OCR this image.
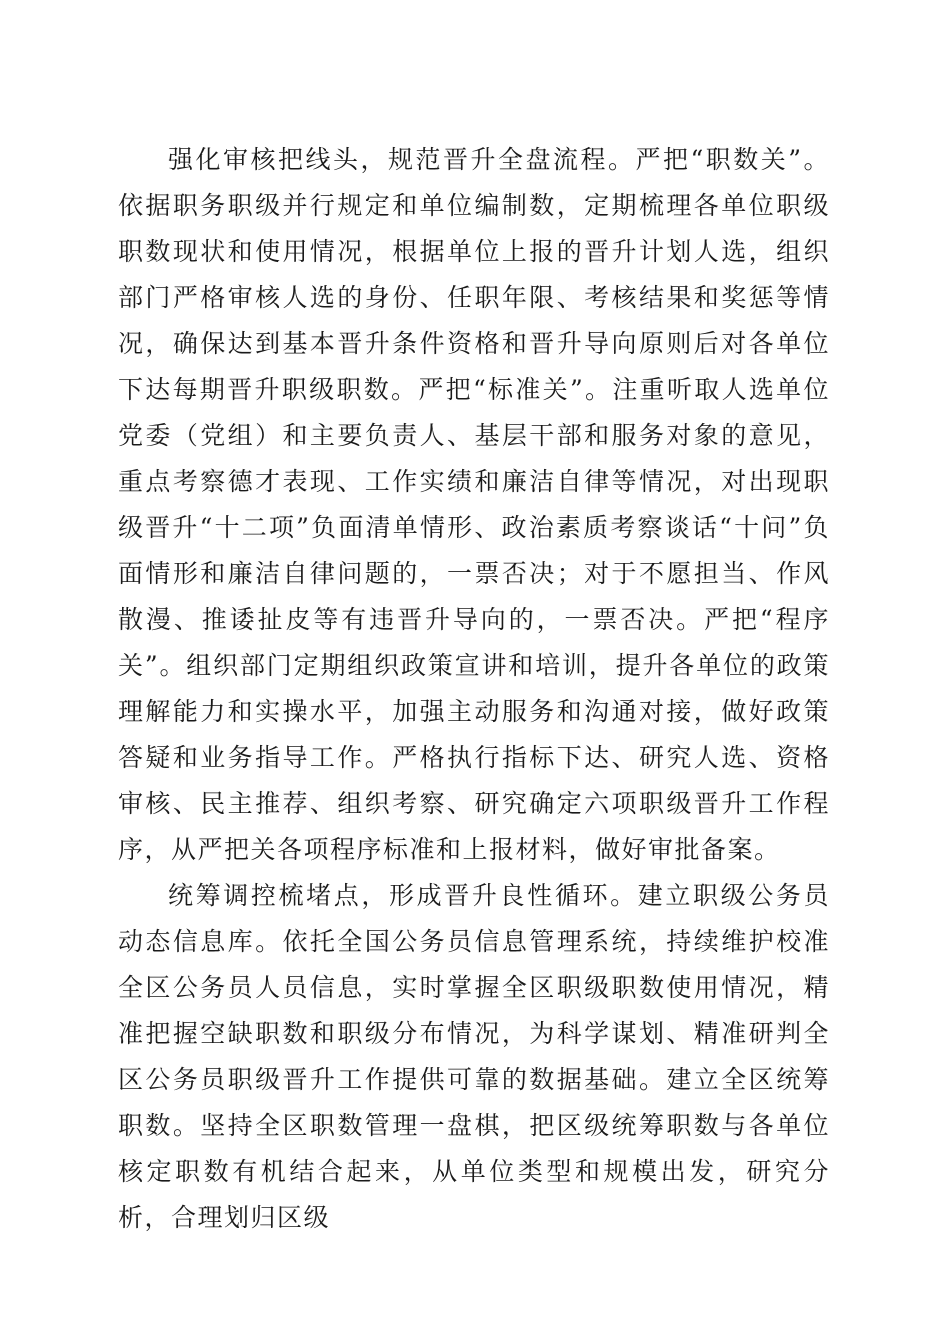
强化审核把线头，规范晋升全盘流程。严把“职数关”。依据职务职级并行规定和单位编制数，定期梳理各单位职级职数现状和使用情况，根据单位上报的晋升计划人选，组织部门严格审核人选的身份、任职年限、考核结果和奖惩等情况，确保达到基本晋升条件资格和晋升导向原则后对各单位下达每期晋升职级职数。严把“标准关”。注重听取人选单位党委（党组）和主要负责人、基层干部和服务对象的意见，重点考察德才表现、工作实绩和廉洁自律等情况，对出现职级晋升“十二项”负面清单情形、政治素质考察谈话“十问”负面情形和廉洁自律问题的，一票否决；对于不愿担当、作风散漫、推诿扯皮等有违晋升导向的，一票否决。严把“程序关”。组织部门定期组织政策宣讲和培训，提升各单位的政策理解能力和实操水平，加强主动服务和沟通对接，做好政策答疑和业务指导工作。严格执行指标下达、研究人选、资格审核、民主推荐、组织考察、研究确定六项职级晋升工作程序，从严把关各项程序标准和上报材料，做好审批备案。

统筹调控梳堵点，形成晋升良性循环。建立职级公务员动态信息库。依托全国公务员信息管理系统，持续维护校准全区公务员人员信息，实时掌握全区职级职数使用情况，精准把握空缺职数和职级分布情况，为科学谋划、精准研判全区公务员职级晋升工作提供可靠的数据基础。建立全区统筹职数。坚持全区职数管理一盘棋，把区级统筹职数与各单位核定职数有机结合起来，从单位类型和规模出发，研究分析，合理划归区级
